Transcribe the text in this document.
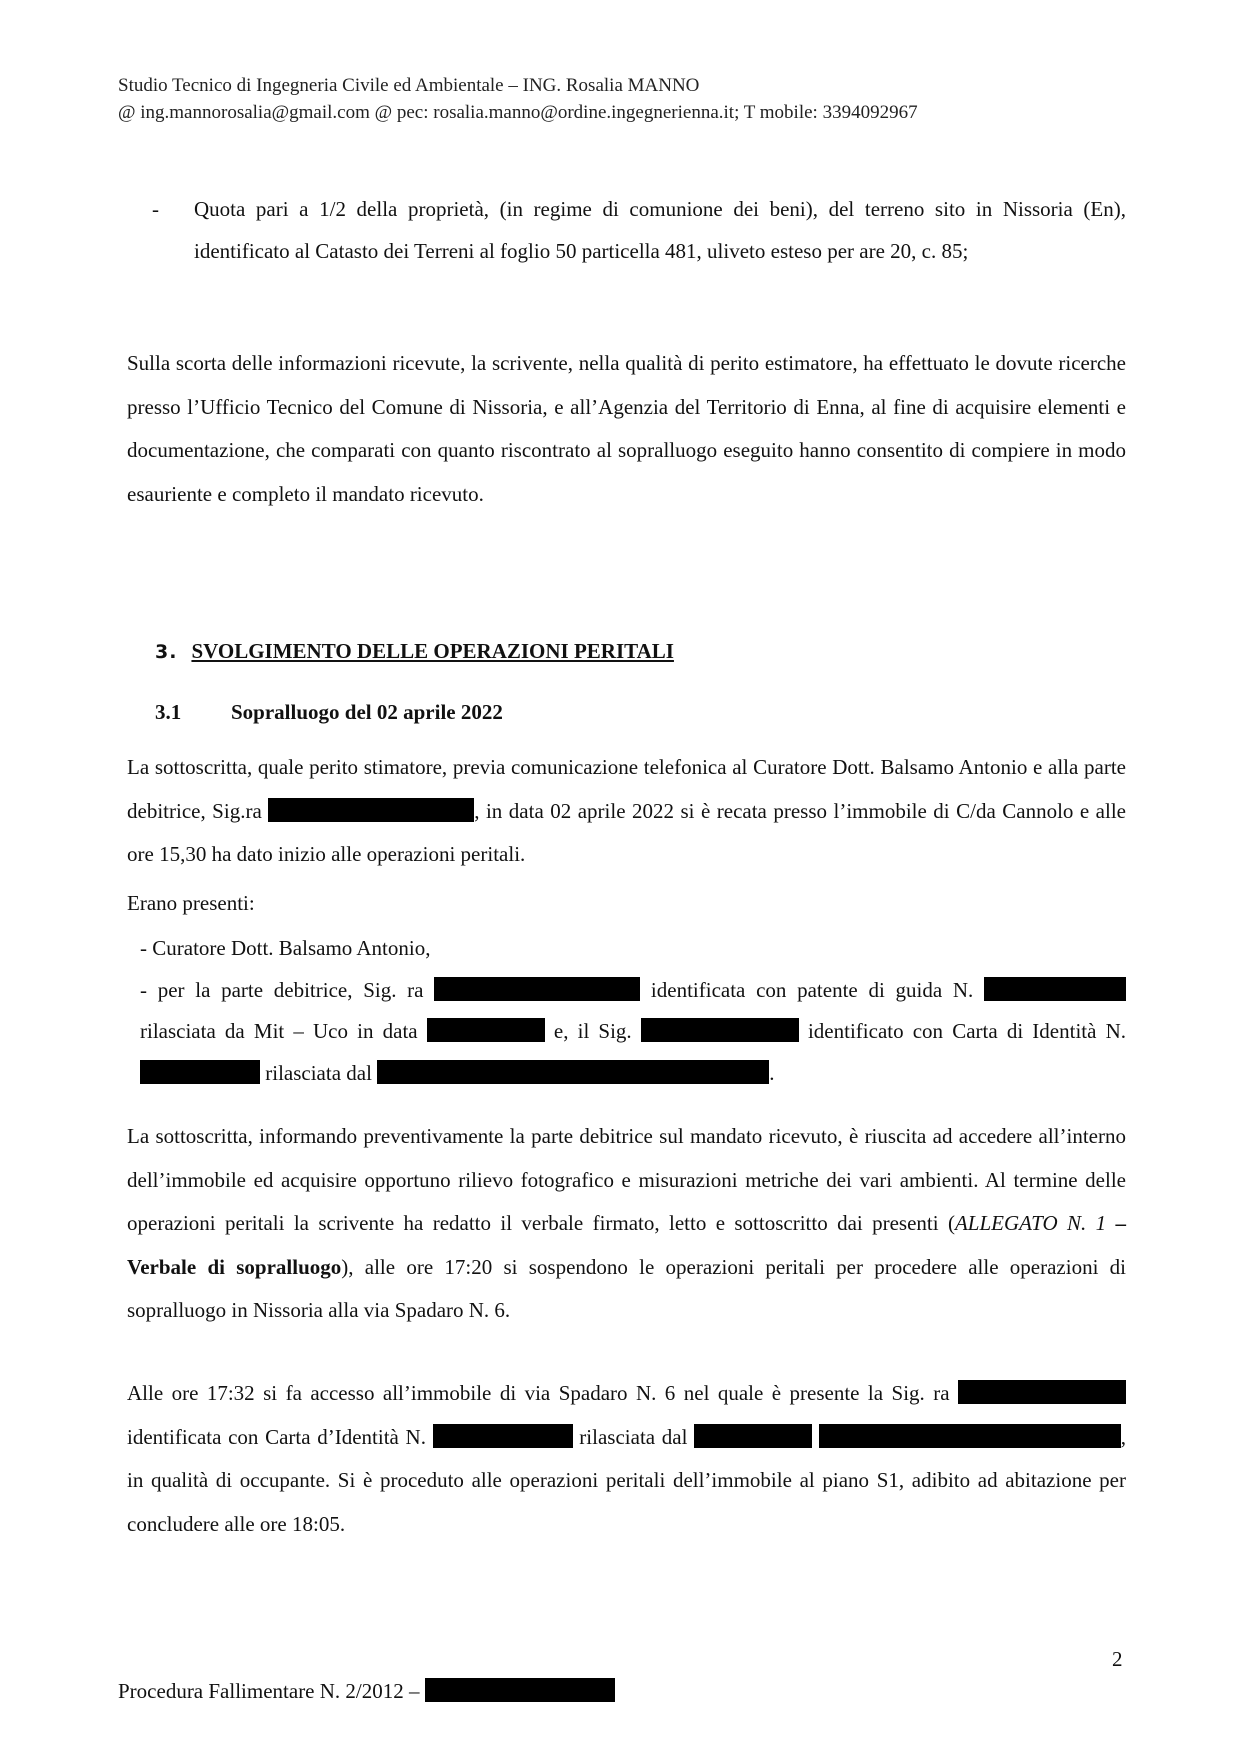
Studio Tecnico di Ingegneria Civile ed Ambientale – ING. Rosalia MANNO
@ ing.mannorosalia@gmail.com @ pec: rosalia.manno@ordine.ingegnerienna.it; T mobile: 3394092967
- Quota pari a 1/2 della proprietà, (in regime di comunione dei beni), del terreno sito in Nissoria (En), identificato al Catasto dei Terreni al foglio 50 particella 481, uliveto esteso per are 20, c. 85;
Sulla scorta delle informazioni ricevute, la scrivente, nella qualità di perito estimatore, ha effettuato le dovute ricerche presso l’Ufficio Tecnico del Comune di Nissoria, e all’Agenzia del Territorio di Enna, al fine di acquisire elementi e documentazione, che comparati con quanto riscontrato al sopralluogo eseguito hanno consentito di compiere in modo esauriente e completo il mandato ricevuto.
3. SVOLGIMENTO DELLE OPERAZIONI PERITALI
3.1 Sopralluogo del 02 aprile 2022
La sottoscritta, quale perito stimatore, previa comunicazione telefonica al Curatore Dott. Balsamo Antonio e alla parte debitrice, Sig.ra	, in data 02 aprile 2022 si è recata presso l’immobile di C/da Cannolo e alle ore 15,30 ha dato inizio alle operazioni peritali.
Erano presenti:
- Curatore Dott. Balsamo Antonio,
- per la parte debitrice, Sig. ra	identificata con patente di guida N.  rilasciata da Mit – Uco in data	e, il Sig.	identificato con Carta di Identità N.  rilasciata dal	.
La sottoscritta, informando preventivamente la parte debitrice sul mandato ricevuto, è riuscita ad accedere all’interno dell’immobile ed acquisire opportuno rilievo fotografico e misurazioni metriche dei vari ambienti. Al termine delle operazioni peritali la scrivente ha redatto il verbale firmato, letto e sottoscritto dai presenti (ALLEGATO N. 1 – Verbale di sopralluogo), alle ore 17:20 si sospendono le operazioni peritali per procedere alle operazioni di sopralluogo in Nissoria alla via Spadaro N. 6.
Alle ore 17:32 si fa accesso all’immobile di via Spadaro N. 6 nel quale è presente la Sig. ra  identificata con Carta d’Identità N.	rilasciata dal	, in qualità di occupante. Si è proceduto alle operazioni peritali dell’immobile al piano S1, adibito ad abitazione per concludere alle ore 18:05.
2
Procedura Fallimentare N. 2/2012 –
